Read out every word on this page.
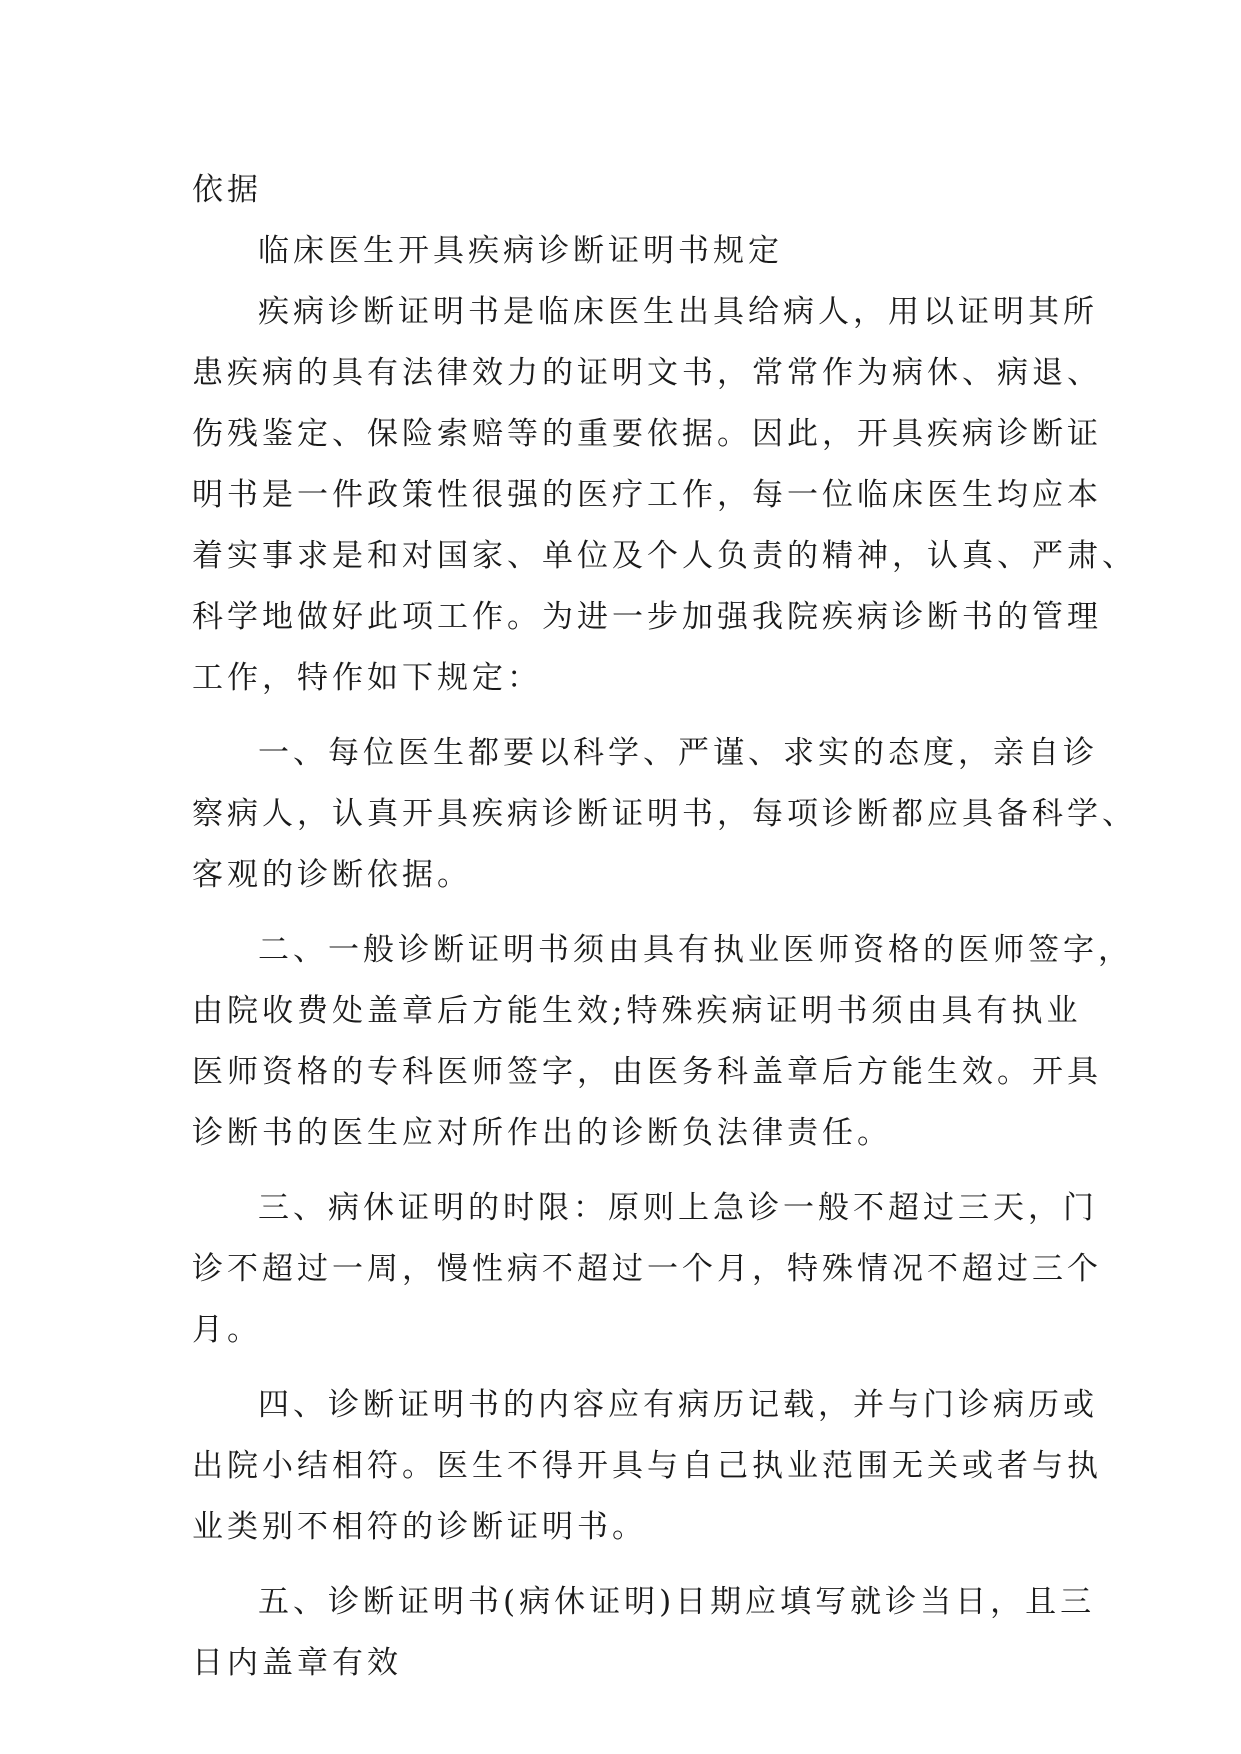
依据
临床医生开具疾病诊断证明书规定
疾病诊断证明书是临床医生出具给病人，用以证明其所
患疾病的具有法律效力的证明文书，常常作为病休、病退、
伤残鉴定、保险索赔等的重要依据。因此，开具疾病诊断证
明书是一件政策性很强的医疗工作，每一位临床医生均应本
着实事求是和对国家、单位及个人负责的精神，认真、严肃、
科学地做好此项工作。为进一步加强我院疾病诊断书的管理
工作，特作如下规定：
一、每位医生都要以科学、严谨、求实的态度，亲自诊
察病人，认真开具疾病诊断证明书，每项诊断都应具备科学、
客观的诊断依据。
二、一般诊断证明书须由具有执业医师资格的医师签字，
由院收费处盖章后方能生效;特殊疾病证明书须由具有执业
医师资格的专科医师签字，由医务科盖章后方能生效。开具
诊断书的医生应对所作出的诊断负法律责任。
三、病休证明的时限：原则上急诊一般不超过三天，门
诊不超过一周，慢性病不超过一个月，特殊情况不超过三个
月。
四、诊断证明书的内容应有病历记载，并与门诊病历或
出院小结相符。医生不得开具与自己执业范围无关或者与执
业类别不相符的诊断证明书。
五、诊断证明书(病休证明)日期应填写就诊当日，且三
日内盖章有效
